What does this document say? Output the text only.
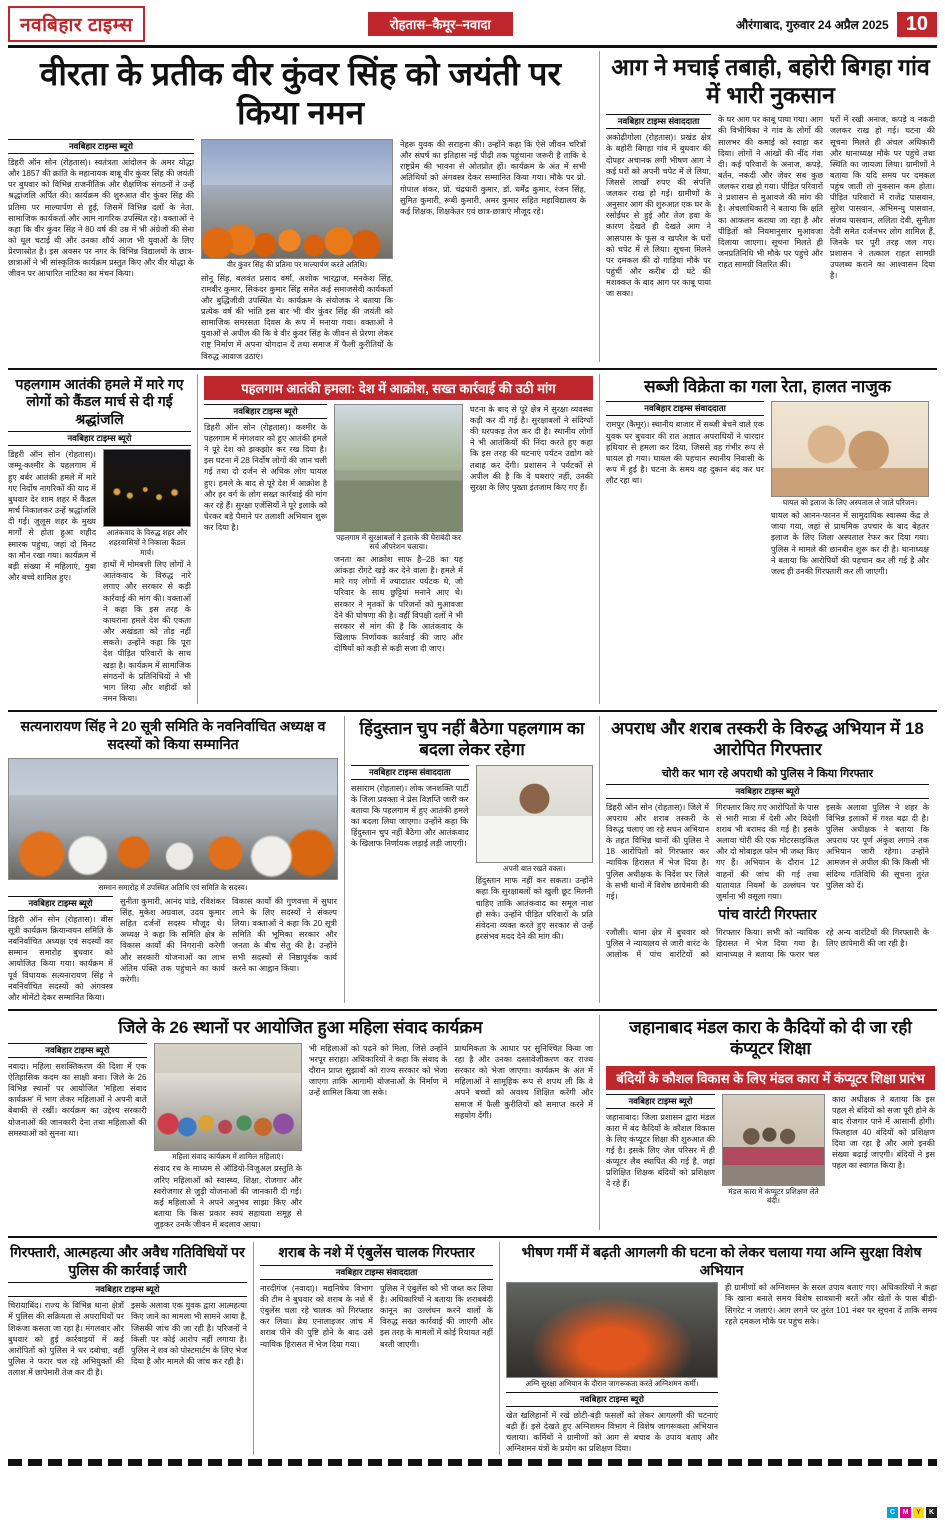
नवबिहार टाइम्स	रोहतास–कैमूर–नवादा	औरंगाबाद, गुरुवार 24 अप्रैल 2025 10
वीरता के प्रतीक वीर कुंवर सिंह को जयंती पर किया नमन
नवबिहार टाइम्स ब्यूरो
डिहरी ऑन सोन (रोहतास)। स्वतंत्रता आंदोलन के अमर योद्धा और 1857 की क्रांति के महानायक बाबू वीर कुंवर सिंह की जयंती पर बुधवार को विभिन्न राजनीतिक और शैक्षणिक संगठनों ने उन्हें श्रद्धांजलि अर्पित की। कार्यक्रम की शुरुआत वीर कुंवर सिंह की प्रतिमा पर माल्यार्पण से हुई, जिसमें विभिन्न दलों के नेता, सामाजिक कार्यकर्ता और आम नागरिक उपस्थित रहे। वक्ताओं ने कहा कि वीर कुंवर सिंह ने 80 वर्ष की उम्र में भी अंग्रेजों की सेना को धूल चटाई थी और उनका शौर्य आज भी युवाओं के लिए प्रेरणास्रोत है। इस अवसर पर नगर के विभिन्न विद्यालयों के छात्र-छात्राओं ने भी सांस्कृतिक कार्यक्रम प्रस्तुत किए और वीर योद्धा के जीवन पर आधारित नाटिका का मंचन किया।
वीर कुंवर सिंह की प्रतिमा पर माल्यार्पण करते अतिथि।
सोनू सिंह, बलवंत प्रसाद वर्मा, अशोक भारद्वाज, मनकेश सिंह, रामवीर कुमार, सिकंदर कुमार सिंह समेत कई समाजसेवी कार्यकर्ता और बुद्धिजीवी उपस्थित थे। कार्यक्रम के संयोजक ने बताया कि प्रत्येक वर्ष की भांति इस बार भी वीर कुंवर सिंह की जयंती को सामाजिक समरसता दिवस के रूप में मनाया गया। वक्ताओं ने युवाओं से अपील की कि वे वीर कुंवर सिंह के जीवन से प्रेरणा लेकर राष्ट्र निर्माण में अपना योगदान दें तथा समाज में फैली कुरीतियों के विरुद्ध आवाज उठाएं।
नेहरू युवक की सराहना की। उन्होंने कहा कि ऐसे जीवन चरित्रों और संघर्ष का इतिहास नई पीढ़ी तक पहुंचाना जरूरी है ताकि वे राष्ट्रप्रेम की भावना से ओतप्रोत हों। कार्यक्रम के अंत में सभी अतिथियों को अंगवस्त्र देकर सम्मानित किया गया। मौके पर प्रो. गोपाल शंकर, प्रो. चंद्रधारी कुमार, डॉ. धर्मेंद्र कुमार, रंजन सिंह, सुमित कुमारी, रूबी कुमारी, अमर कुमार सहित महाविद्यालय के कई शिक्षक, शिक्षकेतर एवं छात्र-छात्राएं मौजूद रहे।
आग ने मचाई तबाही, बहोरी बिगहा गांव में भारी नुकसान
नवबिहार टाइम्स संवाददाता
अकोढ़ीगोला (रोहतास)। प्रखंड क्षेत्र के बहोरी बिगहा गांव में बुधवार की दोपहर अचानक लगी भीषण आग ने कई घरों को अपनी चपेट में ले लिया, जिससे लाखों रुपए की संपत्ति जलकर राख हो गई। ग्रामीणों के अनुसार आग की शुरुआत एक घर के रसोईघर से हुई और तेज हवा के कारण देखते ही देखते आग ने आसपास के फूस व खपरैल के घरों को चपेट में ले लिया। सूचना मिलने पर दमकल की दो गाड़ियां मौके पर पहुंचीं और करीब दो घंटे की मशक्कत के बाद आग पर काबू पाया जा सका।
के घर आग पर काबू पाया गया। आग की विभीषिका ने गांव के लोगों की सालभर की कमाई को स्वाहा कर दिया। लोगों ने आंखों की नींद गंवा दी। कई परिवारों के अनाज, कपड़े, बर्तन, नकदी और जेवर सब कुछ जलकर राख हो गया। पीड़ित परिवारों ने प्रशासन से मुआवजे की मांग की है। अंचलाधिकारी ने बताया कि क्षति का आकलन कराया जा रहा है और पीड़ितों को नियमानुसार मुआवजा दिलाया जाएगा। सूचना मिलते ही जनप्रतिनिधि भी मौके पर पहुंचे और राहत सामग्री वितरित की।
घरों में रखी अनाज, कपड़े व नकदी जलकर राख हो गई। घटना की सूचना मिलते ही अंचल अधिकारी और थानाध्यक्ष मौके पर पहुंचे तथा स्थिति का जायजा लिया। ग्रामीणों ने बताया कि यदि समय पर दमकल पहुंच जाती तो नुकसान कम होता। पीड़ित परिवारों में राजेंद्र पासवान, सुरेश पासवान, अभिमन्यु पासवान, संजय पासवान, ललिता देवी, सुनीता देवी समेत दर्जनभर लोग शामिल हैं, जिनके घर पूरी तरह जल गए। प्रशासन ने तत्काल राहत सामग्री उपलब्ध कराने का आश्वासन दिया है।
पहलगाम आतंकी हमले में मारे गए लोगों को कैंडल मार्च से दी गई श्रद्धांजलि
नवबिहार टाइम्स ब्यूरो
डिहरी ऑन सोन (रोहतास)। जम्मू-कश्मीर के पहलगाम में हुए बर्बर आतंकी हमले में मारे गए निर्दोष नागरिकों की याद में बुधवार देर शाम शहर में कैंडल मार्च निकालकर उन्हें श्रद्धांजलि दी गई। जुलूस शहर के मुख्य मार्गों से होता हुआ शहीद स्मारक पहुंचा, जहां दो मिनट का मौन रखा गया। कार्यक्रम में बड़ी संख्या में महिलाएं, युवा और बच्चे शामिल हुए।
आतंकवाद के विरुद्ध शहर और शहरवासियों ने निकाला कैंडल मार्च।
हाथों में मोमबत्ती लिए लोगों ने आतंकवाद के विरुद्ध नारे लगाए और सरकार से कड़ी कार्रवाई की मांग की। वक्ताओं ने कहा कि इस तरह के कायराना हमले देश की एकता और अखंडता को तोड़ नहीं सकते। उन्होंने कहा कि पूरा देश पीड़ित परिवारों के साथ खड़ा है। कार्यक्रम में सामाजिक संगठनों के प्रतिनिधियों ने भी भाग लिया और शहीदों को नमन किया।
पहलगाम आतंकी हमला: देश में आक्रोश, सख्त कार्रवाई की उठी मांग
नवबिहार टाइम्स ब्यूरो
डिहरी ऑन सोन (रोहतास)। कश्मीर के पहलगाम में मंगलवार को हुए आतंकी हमले ने पूरे देश को झकझोर कर रख दिया है। इस घटना में 28 निर्दोष लोगों की जान चली गई तथा दो दर्जन से अधिक लोग घायल हुए। हमले के बाद से पूरे देश में आक्रोश है और हर वर्ग के लोग सख्त कार्रवाई की मांग कर रहे हैं। सुरक्षा एजेंसियों ने पूरे इलाके को घेरकर बड़े पैमाने पर तलाशी अभियान शुरू कर दिया है।
पहलगाम में सुरक्षाबलों ने इलाके की घेराबंदी कर सर्च ऑपरेशन चलाया।
जनता का आक्रोश साफ है–28 का यह आंकड़ा रोंगटे खड़े कर देने वाला है। हमले में मारे गए लोगों में ज्यादातर पर्यटक थे, जो परिवार के साथ छुट्टियां मनाने आए थे। सरकार ने मृतकों के परिजनों को मुआवजा देने की घोषणा की है। वहीं विपक्षी दलों ने भी सरकार से मांग की है कि आतंकवाद के खिलाफ निर्णायक कार्रवाई की जाए और दोषियों को कड़ी से कड़ी सजा दी जाए।
घटना के बाद से पूरे क्षेत्र में सुरक्षा व्यवस्था कड़ी कर दी गई है। सुरक्षाबलों ने संदिग्धों की धरपकड़ तेज कर दी है। स्थानीय लोगों ने भी आतंकियों की निंदा करते हुए कहा कि इस तरह की घटनाएं पर्यटन उद्योग को तबाह कर देंगी। प्रशासन ने पर्यटकों से अपील की है कि वे घबराएं नहीं, उनकी सुरक्षा के लिए पुख्ता इंतजाम किए गए हैं।
सब्जी विक्रेता का गला रेता, हालत नाजुक
नवबिहार टाइम्स संवाददाता
रामपुर (कैमूर)। स्थानीय बाजार में सब्जी बेचने वाले एक युवक पर बुधवार की रात अज्ञात अपराधियों ने धारदार हथियार से हमला कर दिया, जिससे वह गंभीर रूप से घायल हो गया। घायल की पहचान स्थानीय निवासी के रूप में हुई है। घटना के समय वह दुकान बंद कर घर लौट रहा था।
घायल को इलाज के लिए अस्पताल ले जाते परिजन।
घायल को आनन-फानन में सामुदायिक स्वास्थ्य केंद्र ले जाया गया, जहां से प्राथमिक उपचार के बाद बेहतर इलाज के लिए जिला अस्पताल रेफर कर दिया गया। पुलिस ने मामले की छानबीन शुरू कर दी है। थानाध्यक्ष ने बताया कि आरोपियों की पहचान कर ली गई है और जल्द ही उनकी गिरफ्तारी कर ली जाएगी।
सत्यनारायण सिंह ने 20 सूत्री समिति के नवनिर्वाचित अध्यक्ष व सदस्यों को किया सम्मानित
सम्मान समारोह में उपस्थित अतिथि एवं समिति के सदस्य।
नवबिहार टाइम्स ब्यूरो
डिहरी ऑन सोन (रोहतास)। बीस सूत्री कार्यक्रम क्रियान्वयन समिति के नवनिर्वाचित अध्यक्ष एवं सदस्यों का सम्मान समारोह बुधवार को आयोजित किया गया। कार्यक्रम में पूर्व विधायक सत्यनारायण सिंह ने नवनिर्वाचित सदस्यों को अंगवस्त्र और मोमेंटो देकर सम्मानित किया।
सुनीता कुमारी, आनंद पांडे, रविशंकर सिंह, मुकेश अग्रवाल, उदय कुमार सहित दर्जनों सदस्य मौजूद थे। अध्यक्ष ने कहा कि समिति क्षेत्र के विकास कार्यों की निगरानी करेगी और सरकारी योजनाओं का लाभ अंतिम पंक्ति तक पहुंचाने का कार्य करेगी।
विकास कार्यों की गुणवत्ता में सुधार लाने के लिए सदस्यों ने संकल्प लिया। वक्ताओं ने कहा कि 20 सूत्री समिति की भूमिका सरकार और जनता के बीच सेतु की है। उन्होंने सभी सदस्यों से निष्ठापूर्वक कार्य करने का आह्वान किया।
हिंदुस्तान चुप नहीं बैठेगा पहलगाम का बदला लेकर रहेगा
नवबिहार टाइम्स संवाददाता
ससाराम (रोहतास)। लोक जनशक्ति पार्टी के जिला प्रवक्ता ने प्रेस विज्ञप्ति जारी कर बताया कि पहलगाम में हुए आतंकी हमले का बदला लिया जाएगा। उन्होंने कहा कि हिंदुस्तान चुप नहीं बैठेगा और आतंकवाद के खिलाफ निर्णायक लड़ाई लड़ी जाएगी।
अपनी बात रखते वक्ता।
हिंदुस्तान माफ नहीं कर सकता। उन्होंने कहा कि सुरक्षाबलों को खुली छूट मिलनी चाहिए ताकि आतंकवाद का समूल नाश हो सके। उन्होंने पीड़ित परिवारों के प्रति संवेदना व्यक्त करते हुए सरकार से उन्हें हरसंभव मदद देने की मांग की।
अपराध और शराब तस्करी के विरुद्ध अभियान में 18 आरोपित गिरफ्तार
चोरी कर भाग रहे अपराधी को पुलिस ने किया गिरफ्तार
नवबिहार टाइम्स ब्यूरो
डिहरी ऑन सोन (रोहतास)। जिले में अपराध और शराब तस्करी के विरुद्ध चलाए जा रहे सघन अभियान के तहत विभिन्न थानों की पुलिस ने 18 आरोपितों को गिरफ्तार कर न्यायिक हिरासत में भेज दिया है। पुलिस अधीक्षक के निर्देश पर जिले के सभी थानों में विशेष छापेमारी की गई।
गिरफ्तार किए गए आरोपितों के पास से भारी मात्रा में देसी और विदेशी शराब भी बरामद की गई है। इसके अलावा चोरी की एक मोटरसाइकिल और दो मोबाइल फोन भी जब्त किए गए हैं। अभियान के दौरान 12 वाहनों की जांच की गई तथा यातायात नियमों के उल्लंघन पर जुर्माना भी वसूला गया।
इसके अलावा पुलिस ने शहर के विभिन्न इलाकों में गश्त बढ़ा दी है। पुलिस अधीक्षक ने बताया कि अपराध पर पूर्ण अंकुश लगाने तक अभियान जारी रहेगा। उन्होंने आमजन से अपील की कि किसी भी संदिग्ध गतिविधि की सूचना तुरंत पुलिस को दें।
पांच वारंटी गिरफ्तार
रजौली। थाना क्षेत्र में बुधवार को पुलिस ने न्यायालय से जारी वारंट के आलोक में पांच वारंटियों को गिरफ्तार किया। सभी को न्यायिक हिरासत में भेज दिया गया है। थानाध्यक्ष ने बताया कि फरार चल रहे अन्य वारंटियों की गिरफ्तारी के लिए छापेमारी की जा रही है।
जिले के 26 स्थानों पर आयोजित हुआ महिला संवाद कार्यक्रम
नवबिहार टाइम्स ब्यूरो
नवादा। महिला सशक्तिकरण की दिशा में एक ऐतिहासिक कदम का साक्षी बना। जिले के 26 विभिन्न स्थानों पर आयोजित 'महिला संवाद कार्यक्रम' में भाग लेकर महिलाओं ने अपनी बातें बेबाकी से रखीं। कार्यक्रम का उद्देश्य सरकारी योजनाओं की जानकारी देना तथा महिलाओं की समस्याओं को सुनना था।
महिला संवाद कार्यक्रम में शामिल महिलाएं।
संवाद रथ के माध्यम से ऑडियो-विजुअल प्रस्तुति के जरिए महिलाओं को स्वास्थ्य, शिक्षा, रोजगार और स्वरोजगार से जुड़ी योजनाओं की जानकारी दी गई। कई महिलाओं ने अपने अनुभव साझा किए और बताया कि किस प्रकार स्वयं सहायता समूह से जुड़कर उनके जीवन में बदलाव आया।
भी महिलाओं को पढ़ने को मिला, जिसे उन्होंने भरपूर सराहा। अधिकारियों ने कहा कि संवाद के दौरान प्राप्त सुझावों को राज्य सरकार को भेजा जाएगा ताकि आगामी योजनाओं के निर्माण में उन्हें शामिल किया जा सके।
प्राथमिकता के आधार पर सुनिश्चित किया जा रहा है और उनका दस्तावेजीकरण कर राज्य सरकार को भेजा जाएगा। कार्यक्रम के अंत में महिलाओं ने सामूहिक रूप से शपथ ली कि वे अपने बच्चों को अवश्य शिक्षित करेंगी और समाज में फैली कुरीतियों को समाप्त करने में सहयोग देंगी।
जहानाबाद मंडल कारा के कैदियों को दी जा रही कंप्यूटर शिक्षा
बंदियों के कौशल विकास के लिए मंडल कारा में कंप्यूटर शिक्षा प्रारंभ
नवबिहार टाइम्स ब्यूरो
जहानाबाद। जिला प्रशासन द्वारा मंडल कारा में बंद कैदियों के कौशल विकास के लिए कंप्यूटर शिक्षा की शुरुआत की गई है। इसके लिए जेल परिसर में ही कंप्यूटर लैब स्थापित की गई है, जहां प्रशिक्षित शिक्षक बंदियों को प्रशिक्षण दे रहे हैं।
मंडल कारा में कंप्यूटर प्रशिक्षण लेते बंदी।
कारा अधीक्षक ने बताया कि इस पहल से बंदियों को सजा पूरी होने के बाद रोजगार पाने में आसानी होगी। फिलहाल 40 बंदियों को प्रशिक्षण दिया जा रहा है और आगे इनकी संख्या बढ़ाई जाएगी। बंदियों ने इस पहल का स्वागत किया है।
गिरफ्तारी, आत्महत्या और अवैध गतिविधियों पर पुलिस की कार्रवाई जारी
नवबिहार टाइम्स ब्यूरो
चिरायाबिंद। राज्य के विभिन्न थाना क्षेत्रों में पुलिस की सक्रियता से अपराधियों पर शिकंजा कसता जा रहा है। मंगलवार और बुधवार को हुई कार्रवाइयों में कई आरोपितों को पुलिस ने धर दबोचा, वहीं पुलिस ने फरार चल रहे अभियुक्तों की तलाश में छापेमारी तेज कर दी है।
इसके अलावा एक युवक द्वारा आत्महत्या किए जाने का मामला भी सामने आया है, जिसकी जांच की जा रही है। परिजनों ने किसी पर कोई आरोप नहीं लगाया है। पुलिस ने शव को पोस्टमार्टम के लिए भेज दिया है और मामले की जांच कर रही है।
शराब के नशे में एंबुलेंस चालक गिरफ्तार
नवबिहार टाइम्स संवाददाता
नारदीगंज (नवादा)। मद्यनिषेध विभाग की टीम ने बुधवार को शराब के नशे में एंबुलेंस चला रहे चालक को गिरफ्तार कर लिया। ब्रेथ एनालाइजर जांच में शराब पीने की पुष्टि होने के बाद उसे न्यायिक हिरासत में भेज दिया गया।
पुलिस ने एंबुलेंस को भी जब्त कर लिया है। अधिकारियों ने बताया कि शराबबंदी कानून का उल्लंघन करने वालों के विरुद्ध सख्त कार्रवाई की जाएगी और इस तरह के मामलों में कोई रियायत नहीं बरती जाएगी।
भीषण गर्मी में बढ़ती आगलगी की घटना को लेकर चलाया गया अग्नि सुरक्षा विशेष अभियान
अग्नि सुरक्षा अभियान के दौरान जागरूकता करते अग्निशमन कर्मी।
नवबिहार टाइम्स ब्यूरो
खेत खलिहानों में रखे छोटी-बड़ी फसलों को लेकर आगलगी की घटनाएं बढ़ी हैं। इसे देखते हुए अग्निशमन विभाग ने विशेष जागरूकता अभियान चलाया। कर्मियों ने ग्रामीणों को आग से बचाव के उपाय बताए और अग्निशमन यंत्रों के प्रयोग का प्रशिक्षण दिया।
ही ग्रामीणों को अग्निशमन के सरल उपाय बताए गए। अधिकारियों ने कहा कि खाना बनाते समय विशेष सावधानी बरतें और खेतों के पास बीड़ी-सिगरेट न जलाएं। आग लगने पर तुरंत 101 नंबर पर सूचना दें ताकि समय रहते दमकल मौके पर पहुंच सके।
C	M	Y	K
